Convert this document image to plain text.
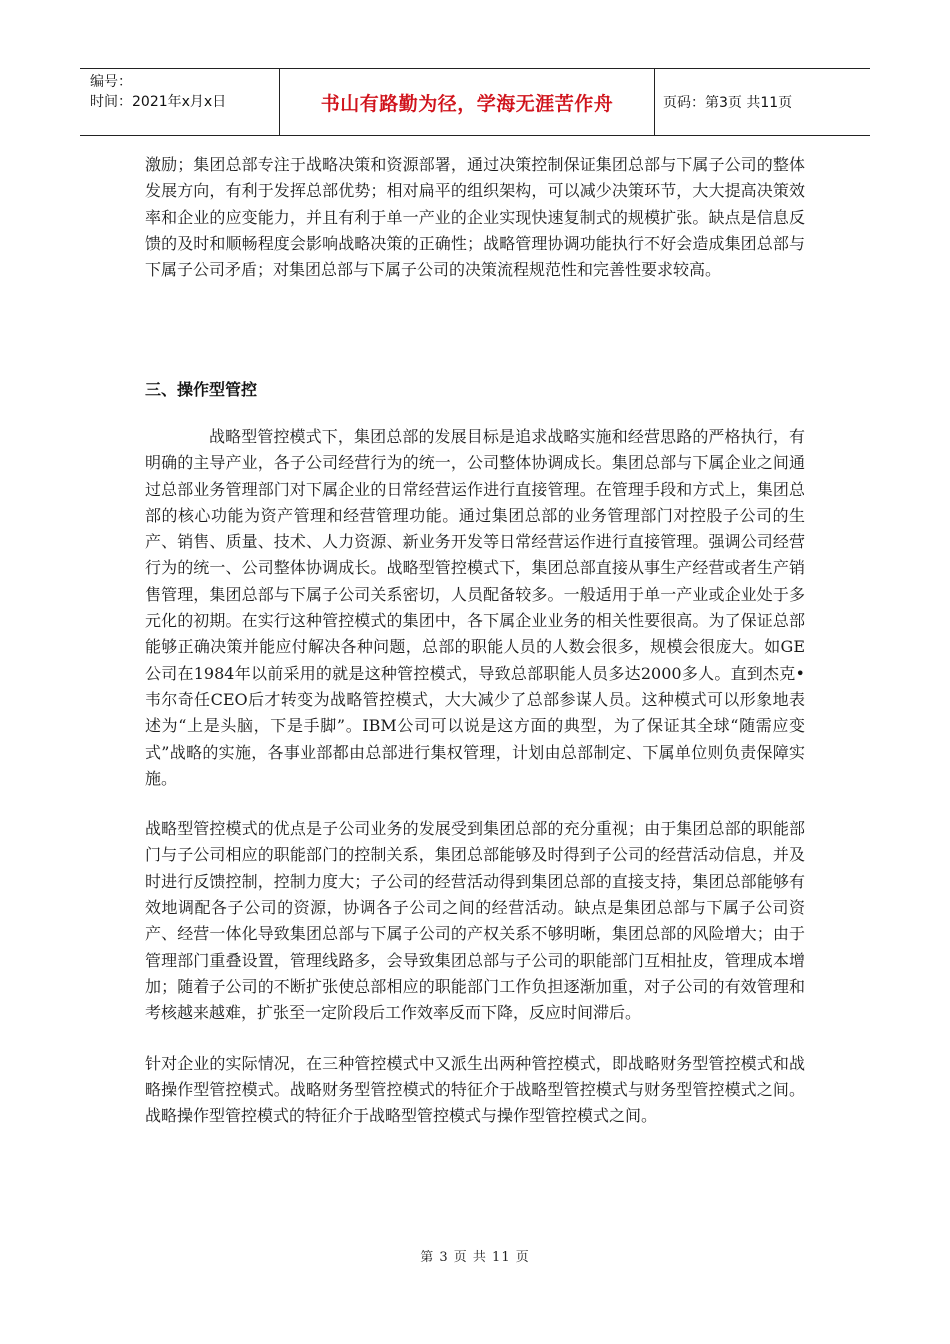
编号：
时间：2021年x月x日	书山有路勤为径，学海无涯苦作舟	页码：第3页 共11页

激励；集团总部专注于战略决策和资源部署，通过决策控制保证集团总部与下属子公司的整体发展方向，有利于发挥总部优势；相对扁平的组织架构，可以减少决策环节，大大提高决策效率和企业的应变能力，并且有利于单一产业的企业实现快速复制式的规模扩张。缺点是信息反馈的及时和顺畅程度会影响战略决策的正确性；战略管理协调功能执行不好会造成集团总部与下属子公司矛盾；对集团总部与下属子公司的决策流程规范性和完善性要求较高。

三、操作型管控

战略型管控模式下，集团总部的发展目标是追求战略实施和经营思路的严格执行，有明确的主导产业，各子公司经营行为的统一，公司整体协调成长。集团总部与下属企业之间通过总部业务管理部门对下属企业的日常经营运作进行直接管理。在管理手段和方式上，集团总部的核心功能为资产管理和经营管理功能。通过集团总部的业务管理部门对控股子公司的生产、销售、质量、技术、人力资源、新业务开发等日常经营运作进行直接管理。强调公司经营行为的统一、公司整体协调成长。战略型管控模式下，集团总部直接从事生产经营或者生产销售管理，集团总部与下属子公司关系密切，人员配备较多。一般适用于单一产业或企业处于多元化的初期。在实行这种管控模式的集团中，各下属企业业务的相关性要很高。为了保证总部能够正确决策并能应付解决各种问题，总部的职能人员的人数会很多，规模会很庞大。如GE公司在1984年以前采用的就是这种管控模式，导致总部职能人员多达2000多人。直到杰克•韦尔奇任CEO后才转变为战略管控模式，大大减少了总部参谋人员。这种模式可以形象地表述为“上是头脑，下是手脚”。IBM公司可以说是这方面的典型，为了保证其全球“随需应变式”战略的实施，各事业部都由总部进行集权管理，计划由总部制定、下属单位则负责保障实施。

战略型管控模式的优点是子公司业务的发展受到集团总部的充分重视；由于集团总部的职能部门与子公司相应的职能部门的控制关系，集团总部能够及时得到子公司的经营活动信息，并及时进行反馈控制，控制力度大；子公司的经营活动得到集团总部的直接支持，集团总部能够有效地调配各子公司的资源，协调各子公司之间的经营活动。缺点是集团总部与下属子公司资产、经营一体化导致集团总部与下属子公司的产权关系不够明晰，集团总部的风险增大；由于管理部门重叠设置，管理线路多，会导致集团总部与子公司的职能部门互相扯皮，管理成本增加；随着子公司的不断扩张使总部相应的职能部门工作负担逐渐加重，对子公司的有效管理和考核越来越难，扩张至一定阶段后工作效率反而下降，反应时间滞后。

针对企业的实际情况，在三种管控模式中又派生出两种管控模式，即战略财务型管控模式和战略操作型管控模式。战略财务型管控模式的特征介于战略型管控模式与财务型管控模式之间。战略操作型管控模式的特征介于战略型管控模式与操作型管控模式之间。

第 3 页 共 11 页
